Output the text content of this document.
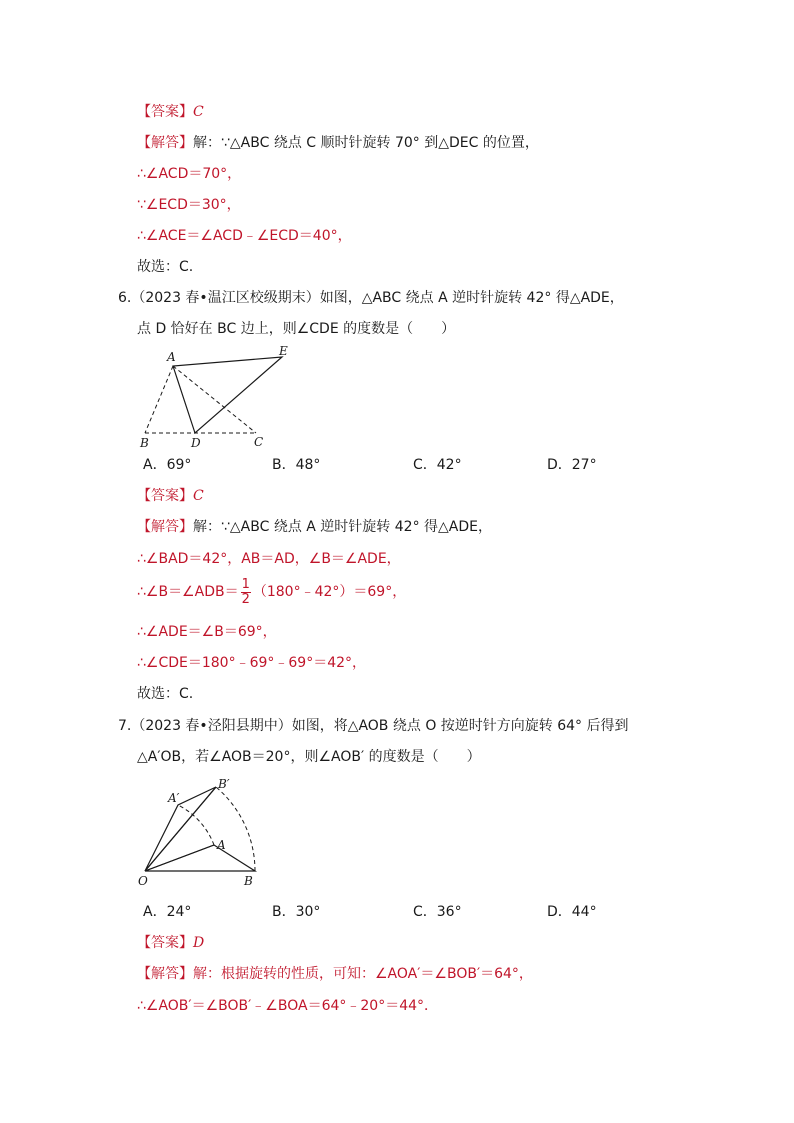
【答案】C
【解答】解：∵△ABC 绕点 C 顺时针旋转 70° 到△DEC 的位置，
∴∠ACD＝70°，
∵∠ECD＝30°，
∴∠ACE＝∠ACD﹣∠ECD＝40°，
故选：C.
6.（2023 春•温江区校级期末）如图，△ABC 绕点 A 逆时针旋转 42° 得△ADE，
点 D 恰好在 BC 边上，则∠CDE 的度数是（　　）
A
B	C
D
E
A．69°	B．48°	C．42°	D．27°
【答案】C
【解答】解：∵△ABC 绕点 A 逆时针旋转 42° 得△ADE，
∴∠BAD＝42°，AB＝AD，∠B＝∠ADE，
∴∠B＝∠ADB＝ $\frac{1}{2}$ （180°﹣42°）＝69°，
∴∠ADE＝∠B＝69°，
∴∠CDE＝180°﹣69°﹣69°＝42°，
故选：C.
7.（2023 春•泾阳县期中）如图，将△AOB 绕点 O 按逆时针方向旋转 64° 后得到
△A′OB，若∠AOB＝20°，则∠AOB′ 的度数是（　　）
O	B
A
A′
B′
A．24°	B．30°	C．36°	D．44°
【答案】D
【解答】解：根据旋转的性质，可知：∠AOA′＝∠BOB′＝64°，
∴∠AOB′＝∠BOB′﹣∠BOA＝64°﹣20°＝44°．
